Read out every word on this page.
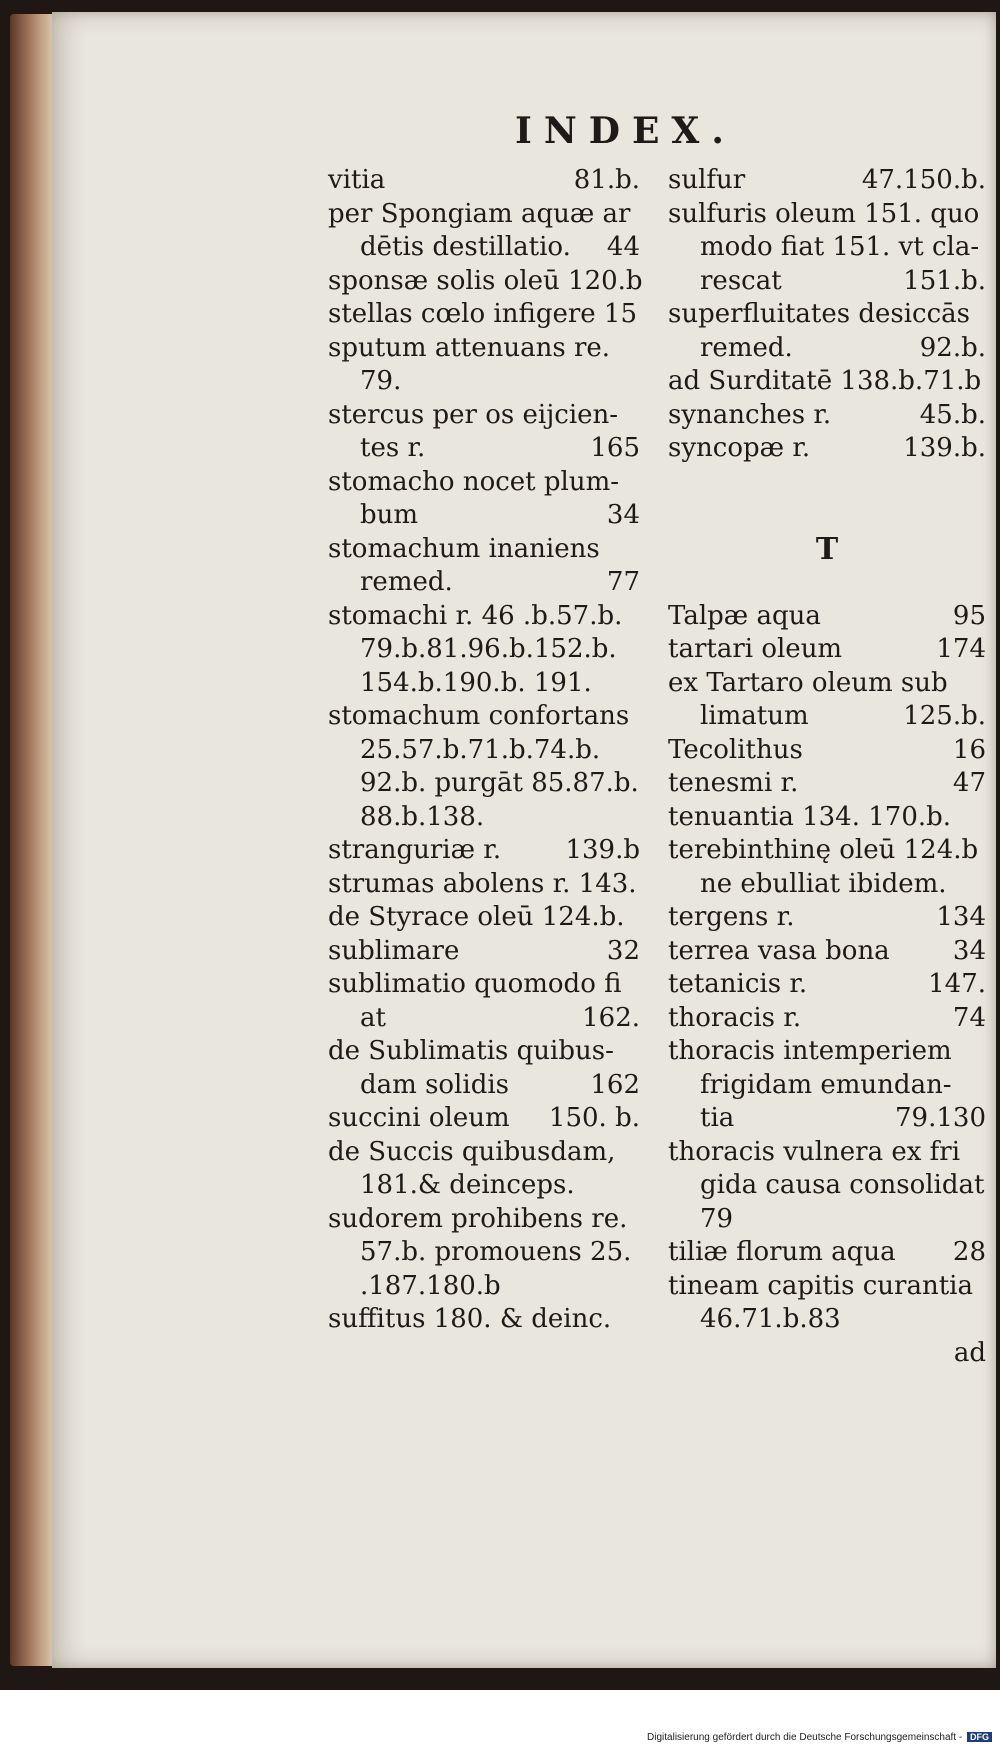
INDEX.
vitia	81.b.
per Spongiam aquæ ar
dētis destillatio.	44
sponsæ solis oleū 120.b
stellas cœlo infigere 15
sputum attenuans re.
79.
stercus per os eijcien-
tes r.	165
stomacho nocet plum-
bum	34
stomachum inaniens
remed.	77
stomachi r. 46 .b.57.b.
79.b.81.96.b.152.b.
154.b.190.b. 191.
stomachum confortans
25.57.b.71.b.74.b.
92.b. purgāt 85.87.b.
88.b.138.
stranguriæ r.	139.b
strumas abolens r. 143.
de Styrace oleū 124.b.
sublimare	32
sublimatio quomodo fi
at	162.
de Sublimatis quibus-
dam solidis	162
succini oleum	150. b.
de Succis quibusdam,
181.& deinceps.
sudorem prohibens re.
57.b. promouens 25.
.187.180.b
suffitus 180. & deinc.
sulfur	47.150.b.
sulfuris oleum 151. quo
modo fiat 151. vt cla-
rescat	151.b.
superfluitates desiccās
remed.	92.b.
ad Surditatē 138.b.71.b
synanches r.	45.b.
syncopæ r.	139.b.
T
Talpæ aqua	95
tartari oleum	174
ex Tartaro oleum sub
limatum	125.b.
Tecolithus	16
tenesmi r.	47
tenuantia 134. 170.b.
terebinthinę oleū 124.b
ne ebulliat ibidem.
tergens r.	134
terrea vasa bona	34
tetanicis r.	147.
thoracis r.	74
thoracis intemperiem
frigidam emundan-
tia	79.130
thoracis vulnera ex fri
gida causa consolidat
79
tiliæ florum aqua	28
tineam capitis curantia
46.71.b.83
ad
Digitalisierung gefördert durch die Deutsche Forschungsgemeinschaft - DFG
